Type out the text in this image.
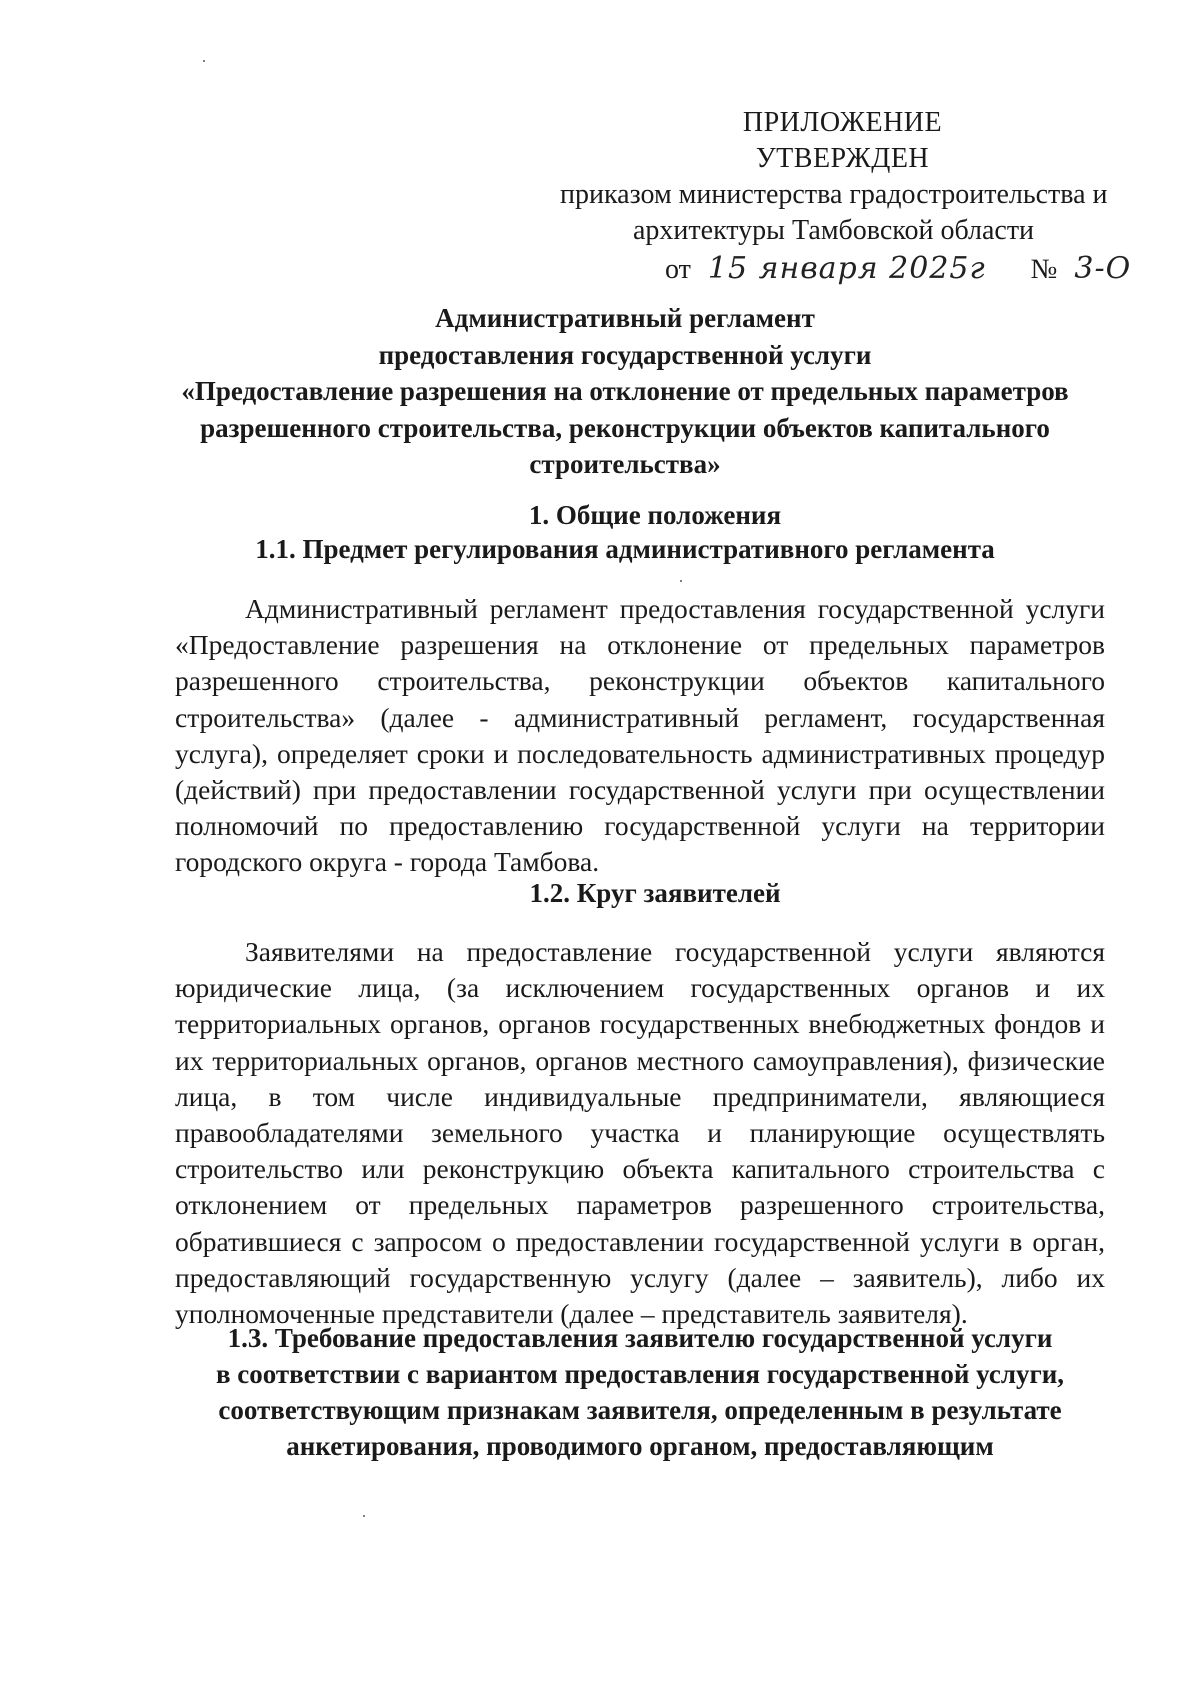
ПРИЛОЖЕНИЕ
УТВЕРЖДЕН
приказом министерства градостроительства и
архитектуры Тамбовской области
от 15 января 2025г № 3-О
Административный регламент
предоставления государственной услуги
«Предоставление разрешения на отклонение от предельных параметров
разрешенного строительства, реконструкции объектов капитального
строительства»
1. Общие положения
1.1. Предмет регулирования административного регламента
Административный регламент предоставления государственной услуги
«Предоставление разрешения на отклонение от предельных параметров
разрешенного строительства, реконструкции объектов капитального
строительства» (далее - административный регламент, государственная
услуга), определяет сроки и последовательность административных процедур
(действий) при предоставлении государственной услуги при осуществлении
полномочий по предоставлению государственной услуги на территории
городского округа - города Тамбова.
1.2. Круг заявителей
Заявителями на предоставление государственной услуги являются
юридические лица, (за исключением государственных органов и их
территориальных органов, органов государственных внебюджетных фондов и
их территориальных органов, органов местного самоуправления), физические
лица, в том числе индивидуальные предприниматели, являющиеся
правообладателями земельного участка и планирующие осуществлять
строительство или реконструкцию объекта капитального строительства с
отклонением от предельных параметров разрешенного строительства,
обратившиеся с запросом о предоставлении государственной услуги в орган,
предоставляющий государственную услугу (далее – заявитель), либо их
уполномоченные представители (далее – представитель заявителя).
1.3. Требование предоставления заявителю государственной услуги
в соответствии с вариантом предоставления государственной услуги,
соответствующим признакам заявителя, определенным в результате
анкетирования, проводимого органом, предоставляющим
